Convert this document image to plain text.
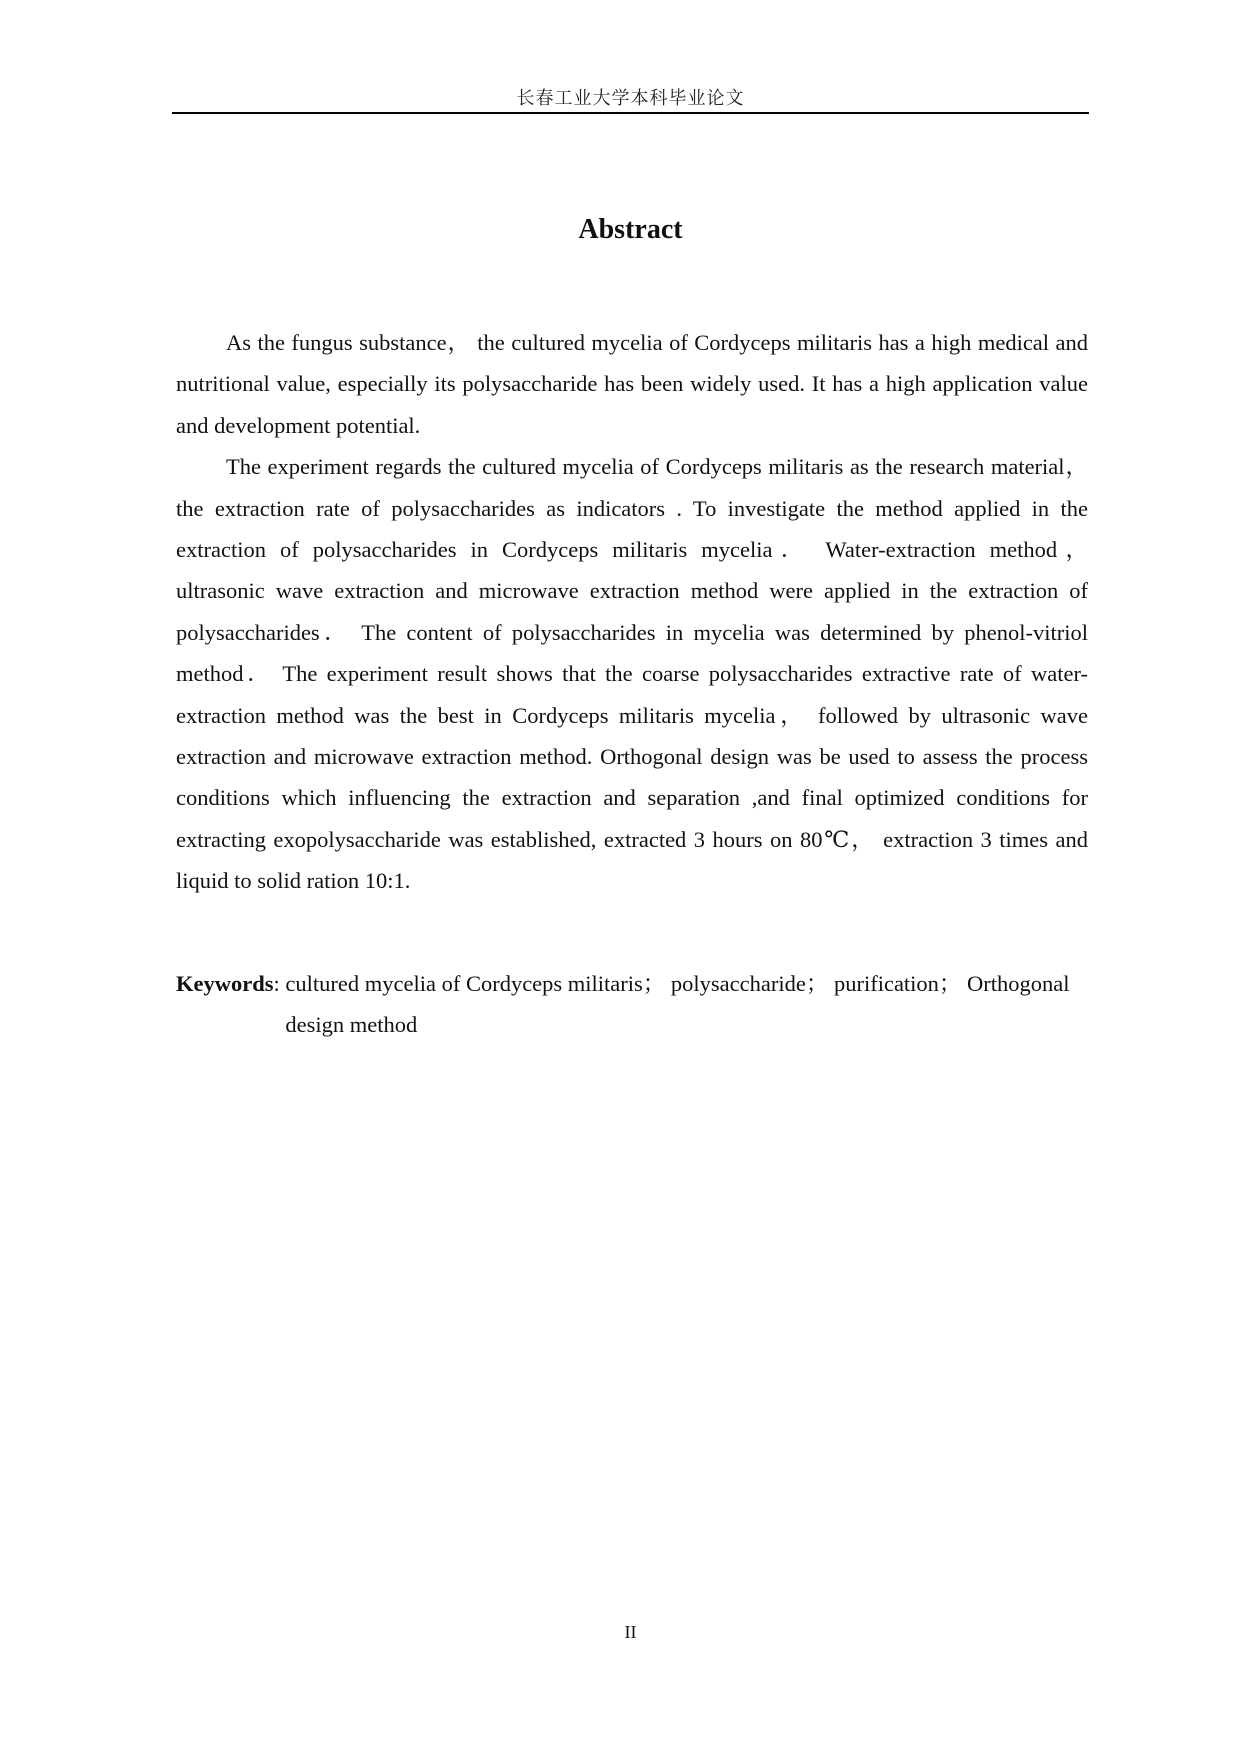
长春工业大学本科毕业论文
Abstract

As the fungus substance， the cultured mycelia of Cordyceps militaris has a high medical and nutritional value, especially its polysaccharide has been widely used. It has a high application value and development potential.

The experiment regards the cultured mycelia of Cordyceps militaris as the research material， the extraction rate of polysaccharides as indicators . To investigate the method applied in the extraction of polysaccharides in Cordyceps militaris mycelia． Water-extraction method， ultrasonic wave extraction and microwave extraction method were applied in the extraction of polysaccharides． The content of polysaccharides in mycelia was determined by phenol-vitriol method． The experiment result shows that the coarse polysaccharides extractive rate of water-extraction method was the best in Cordyceps militaris mycelia， followed by ultrasonic wave extraction and microwave extraction method. Orthogonal design was be used to assess the process conditions which influencing the extraction and separation ,and final optimized conditions for extracting exopolysaccharide was established, extracted 3 hours on 80℃， extraction 3 times and liquid to solid ration 10:1.

Keywords : cultured mycelia of Cordyceps militaris； polysaccharide； purification； Orthogonal design method
II
